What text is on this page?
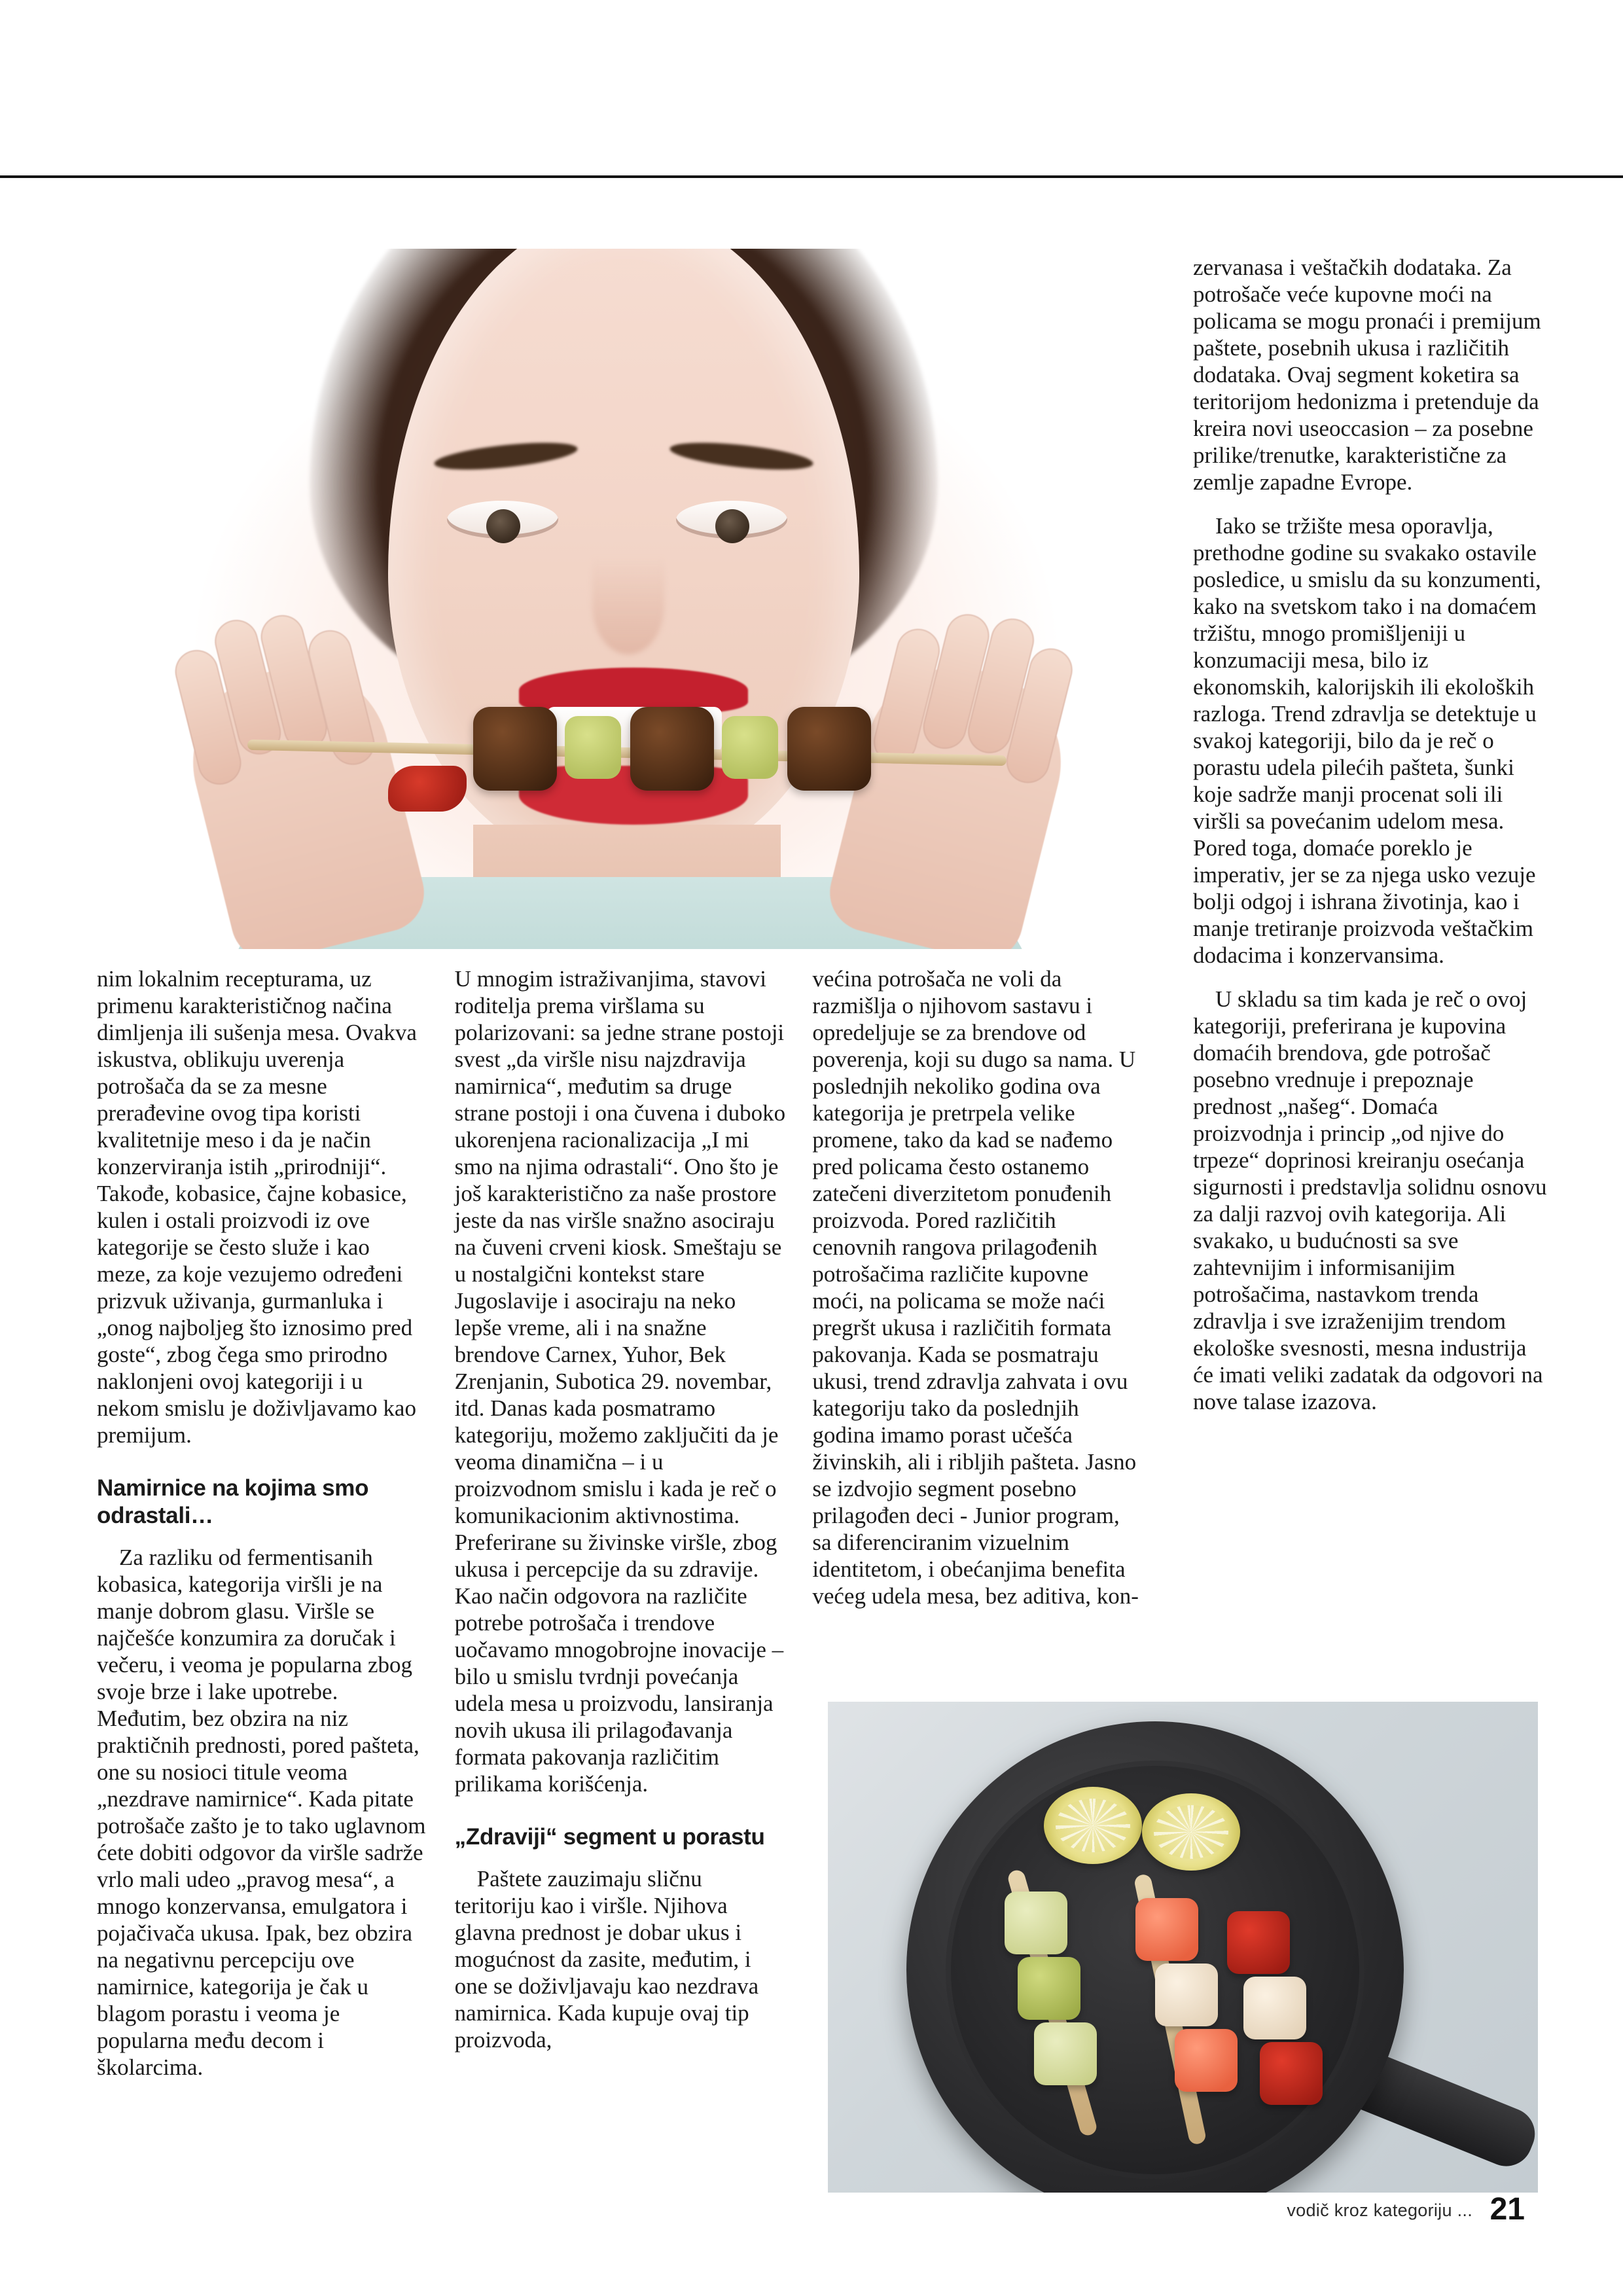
zervanasa i veštačkih dodataka. Za potrošače veće kupovne moći na policama se mogu pronaći i premijum paštete, posebnih ukusa i različitih dodataka. Ovaj segment koketira sa teritorijom hedonizma i pretenduje da kreira novi useoccasion – za posebne prilike/trenutke, karakteristične za zemlje zapadne Evrope.

Iako se tržište mesa oporavlja, prethodne godine su svakako ostavile posledice, u smislu da su konzumenti, kako na svetskom tako i na domaćem tržištu, mnogo promišljeniji u konzumaciji mesa, bilo iz ekonomskih, kalorijskih ili ekoloških razloga. Trend zdravlja se detektuje u svakoj kategoriji, bilo da je reč o porastu udela pilećih pašteta, šunki koje sadrže manji procenat soli ili viršli sa povećanim udelom mesa. Pored toga, domaće poreklo je imperativ, jer se za njega usko vezuje bolji odgoj i ishrana životinja, kao i manje tretiranje proizvoda veštačkim dodacima i konzervansima.

U skladu sa tim kada je reč o ovoj kategoriji, preferirana je kupovina domaćih brendova, gde potrošač posebno vrednuje i prepoznaje prednost „našeg“. Domaća proizvodnja i princip „od njive do trpeze“ doprinosi kreiranju osećanja sigurnosti i predstavlja solidnu osnovu za dalji razvoj ovih kategorija. Ali svakako, u budućnosti sa sve zahtevnijim i informisanijim potrošačima, nastavkom trenda zdravlja i sve izraženijim trendom ekološke svesnosti, mesna industrija će imati veliki zadatak da odgovori na nove talase izazova.

nim lokalnim recepturama, uz primenu karakterističnog načina dimljenja ili sušenja mesa. Ovakva iskustva, oblikuju uverenja potrošača da se za mesne prerađevine ovog tipa koristi kvalitetnije meso i da je način konzerviranja istih „prirodniji“. Takođe, kobasice, čajne kobasice, kulen i ostali proizvodi iz ove kategorije se često služe i kao meze, za koje vezujemo određeni prizvuk uživanja, gurmanluka i „onog najboljeg što iznosimo pred goste“, zbog čega smo prirodno naklonjeni ovoj kategoriji i u nekom smislu je doživljavamo kao premijum.

Namirnice na kojima smo odrastali…

Za razliku od fermentisanih kobasica, kategorija viršli je na manje dobrom glasu. Viršle se najčešće konzumira za doručak i večeru, i veoma je popularna zbog svoje brze i lake upotrebe. Međutim, bez obzira na niz praktičnih prednosti, pored pašteta, one su nosioci titule veoma „nezdrave namirnice“. Kada pitate potrošače zašto je to tako uglavnom ćete dobiti odgovor da viršle sadrže vrlo mali udeo „pravog mesa“, a mnogo konzervansa, emulgatora i pojačivača ukusa. Ipak, bez obzira na negativnu percepciju ove namirnice, kategorija je čak u blagom porastu i veoma je popularna među decom i školarcima.

U mnogim istraživanjima, stavovi roditelja prema viršlama su polarizovani: sa jedne strane postoji svest „da viršle nisu najzdravija namirnica“, međutim sa druge strane postoji i ona čuvena i duboko ukorenjena racionalizacija „I mi smo na njima odrastali“. Ono što je još karakteristično za naše prostore jeste da nas viršle snažno asociraju na čuveni crveni kiosk. Smeštaju se u nostalgični kontekst stare Jugoslavije i asociraju na neko lepše vreme, ali i na snažne brendove Carnex, Yuhor, Bek Zrenjanin, Subotica 29. novembar, itd. Danas kada posmatramo kategoriju, možemo zaključiti da je veoma dinamična – i u proizvodnom smislu i kada je reč o komunikacionim aktivnostima. Preferirane su živinske viršle, zbog ukusa i percepcije da su zdravije. Kao način odgovora na različite potrebe potrošača i trendove uočavamo mnogobrojne inovacije – bilo u smislu tvrdnji povećanja udela mesa u proizvodu, lansiranja novih ukusa ili prilagođavanja formata pakovanja različitim prilikama korišćenja.

„Zdraviji“ segment u porastu

Paštete zauzimaju sličnu teritoriju kao i viršle. Njihova glavna prednost je dobar ukus i mogućnost da zasite, međutim, i one se doživljavaju kao nezdrava namirnica. Kada kupuje ovaj tip proizvoda,

većina potrošača ne voli da razmišlja o njihovom sastavu i opredeljuje se za brendove od poverenja, koji su dugo sa nama. U poslednjih nekoliko godina ova kategorija je pretrpela velike promene, tako da kad se nađemo pred policama često ostanemo zatečeni diverzitetom ponuđenih proizvoda. Pored različitih cenovnih rangova prilagođenih potrošačima različite kupovne moći, na policama se može naći pregršt ukusa i različitih formata pakovanja. Kada se posmatraju ukusi, trend zdravlja zahvata i ovu kategoriju tako da poslednjih godina imamo porast učešća živinskih, ali i ribljih pašteta. Jasno se izdvojio segment posebno prilagođen deci - Junior program, sa diferenciranim vizuelnim identitetom, i obećanjima benefita većeg udela mesa, bez aditiva, kon-

vodič kroz kategoriju ... 21
